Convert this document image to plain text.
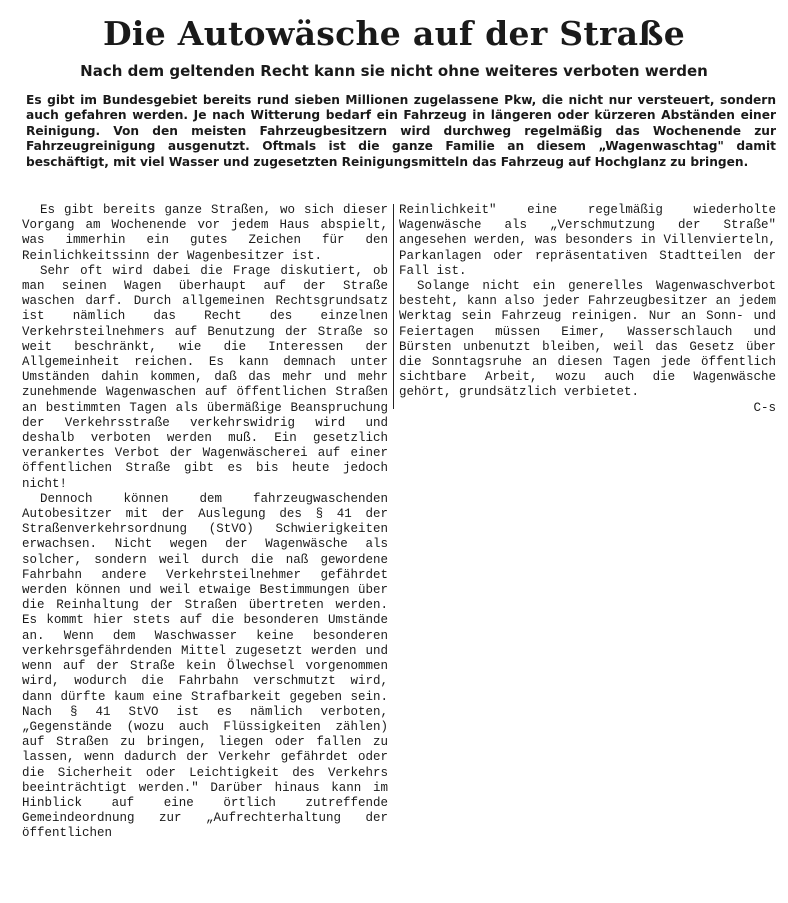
Die Autowäsche auf der Straße
Nach dem geltenden Recht kann sie nicht ohne weiteres verboten werden

Es gibt im Bundesgebiet bereits rund sieben Millionen zugelassene Pkw, die nicht nur versteuert, sondern auch gefahren werden. Je nach Witterung bedarf ein Fahrzeug in längeren oder kürzeren Abständen einer Reinigung. Von den meisten Fahrzeugbesitzern wird durchweg regelmäßig das Wochenende zur Fahrzeugreinigung ausgenutzt. Oftmals ist die ganze Familie an diesem „Wagenwaschtag" damit beschäftigt, mit viel Wasser und zugesetzten Reinigungsmitteln das Fahrzeug auf Hochglanz zu bringen.

Es gibt bereits ganze Straßen, wo sich dieser Vorgang am Wochenende vor jedem Haus abspielt, was immerhin ein gutes Zeichen für den Reinlichkeitssinn der Wagenbesitzer ist.

Sehr oft wird dabei die Frage diskutiert, ob man seinen Wagen überhaupt auf der Straße waschen darf. Durch allgemeinen Rechtsgrundsatz ist nämlich das Recht des einzelnen Verkehrsteilnehmers auf Benutzung der Straße so weit beschränkt, wie die Interessen der Allgemeinheit reichen. Es kann demnach unter Umständen dahin kommen, daß das mehr und mehr zunehmende Wagenwaschen auf öffentlichen Straßen an bestimmten Tagen als übermäßige Beanspruchung der Verkehrsstraße verkehrswidrig wird und deshalb verboten werden muß. Ein gesetzlich verankertes Verbot der Wagenwäscherei auf einer öffentlichen Straße gibt es bis heute jedoch nicht!

Dennoch können dem fahrzeugwaschenden Autobesitzer mit der Auslegung des § 41 der Straßenverkehrsordnung (StVO) Schwierigkeiten erwachsen. Nicht wegen der Wagenwäsche als solcher, sondern weil durch die naß gewordene Fahrbahn andere Verkehrsteilnehmer gefährdet werden können und weil etwaige Bestimmungen über die Reinhaltung der Straßen übertreten werden. Es kommt hier stets auf die besonderen Umstände an. Wenn dem Waschwasser keine besonderen verkehrsgefährdenden Mittel zugesetzt werden und wenn auf der Straße kein Ölwechsel vorgenommen wird, wodurch die Fahrbahn verschmutzt wird, dann dürfte kaum eine Strafbarkeit gegeben sein. Nach § 41 StVO ist es nämlich verboten, „Gegenstände (wozu auch Flüssigkeiten zählen) auf Straßen zu bringen, liegen oder fallen zu lassen, wenn dadurch der Verkehr gefährdet oder die Sicherheit oder Leichtigkeit des Verkehrs beeinträchtigt werden." Darüber hinaus kann im Hinblick auf eine örtlich zutreffende Gemeindeordnung zur „Aufrechterhaltung der öffentlichen

Reinlichkeit" eine regelmäßig wiederholte Wagenwäsche als „Verschmutzung der Straße" angesehen werden, was besonders in Villenvierteln, Parkanlagen oder repräsentativen Stadtteilen der Fall ist.

Solange nicht ein generelles Wagenwaschverbot besteht, kann also jeder Fahrzeugbesitzer an jedem Werktag sein Fahrzeug reinigen. Nur an Sonn- und Feiertagen müssen Eimer, Wasserschlauch und Bürsten unbenutzt bleiben, weil das Gesetz über die Sonntagsruhe an diesen Tagen jede öffentlich sichtbare Arbeit, wozu auch die Wagenwäsche gehört, grundsätzlich verbietet.

C-s
